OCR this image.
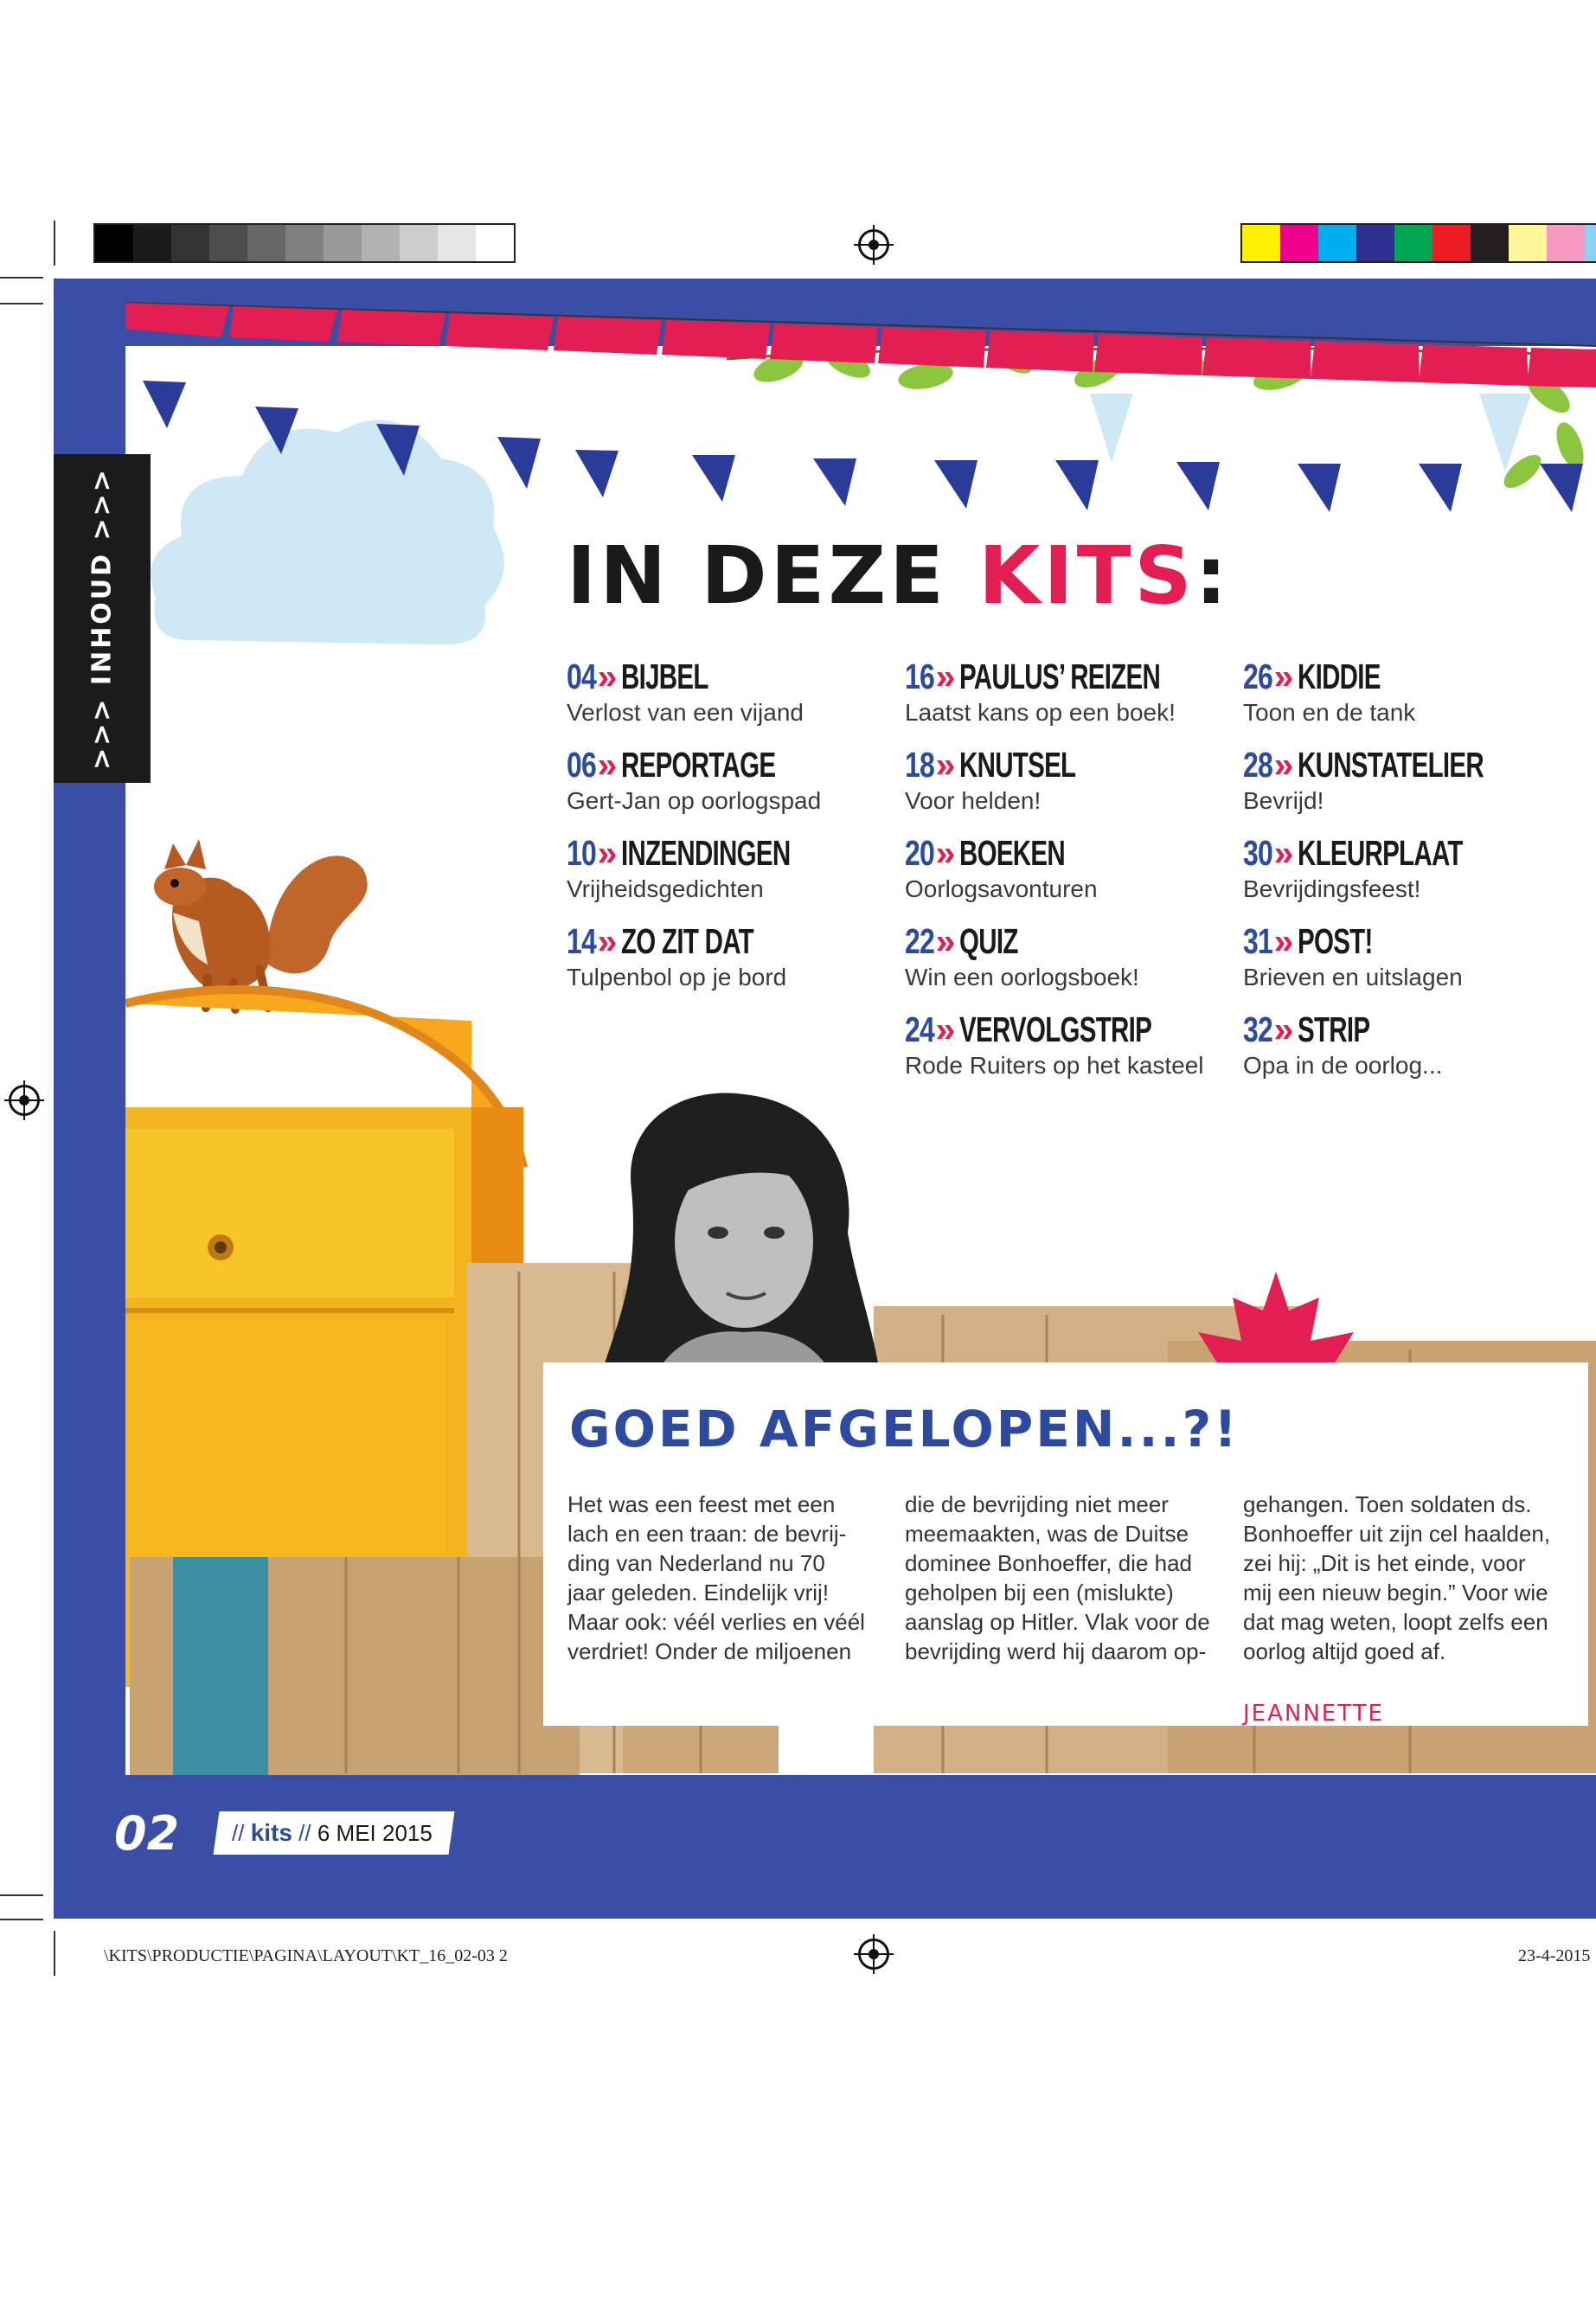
>>> INHOUD >>>	IN DEZE KITS:
04» BIJBEL
Verlost van een vijand
06» REPORTAGE
Gert-Jan op oorlogspad
10» INZENDINGEN
Vrijheidsgedichten
14» ZO ZIT DAT
Tulpenbol op je bord
16» PAULUS’ REIZEN
Laatst kans op een boek!
18» KNUTSEL
Voor helden!
20» BOEKEN
Oorlogsavonturen
22» QUIZ
Win een oorlogsboek!
24» VERVOLGSTRIP
Rode Ruiters op het kasteel
26» KIDDIE
Toon en de tank
28» KUNSTATELIER
Bevrijd!
30» KLEURPLAAT
Bevrijdingsfeest!
31» POST!
Brieven en uitslagen
32» STRIP
Opa in de oorlog...
GOED AFGELOPEN...?!
Het was een feest met een
lach en een traan: de bevrij-
ding van Nederland nu 70
jaar geleden. Eindelijk vrij!
Maar ook: véél verlies en véél
verdriet! Onder de miljoenen
die de bevrijding niet meer
meemaakten, was de Duitse
dominee Bonhoeffer, die had
geholpen bij een (mislukte)
aanslag op Hitler. Vlak voor de
bevrijding werd hij daarom op-
gehangen. Toen soldaten ds.
Bonhoeffer uit zijn cel haalden,
zei hij: „Dit is het einde, voor
mij een nieuw begin.” Voor wie
dat mag weten, loopt zelfs een
oorlog altijd goed af.
JEANNETTE
02 // kits // 6 MEI 2015
\KITS\PRODUCTIE\PAGINA\LAYOUT\KT_16_02-03 2	23-4-2015
